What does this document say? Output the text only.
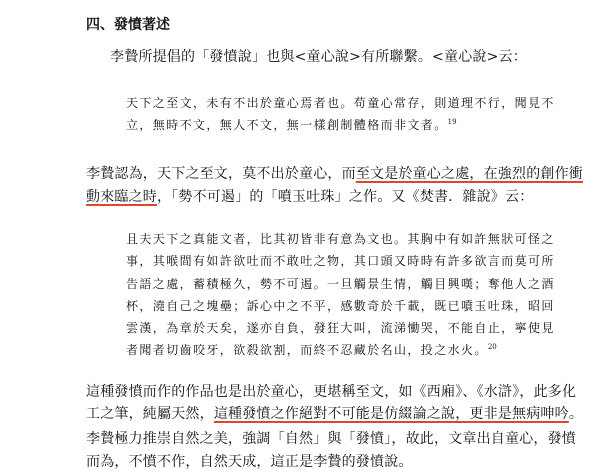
四、發憤著述
李贄所提倡的「發憤說」也與<童心說>有所聯繫。<童心說>云：
天下之至文，未有不出於童心焉者也。苟童心常存，則道理不行，聞見不
立，無時不文，無人不文，無一樣創制體格而非文者。$^{19}$
李贄認為，天下之至文，莫不出於童心，而至文是於童心之處，在強烈的創作衝
動來臨之時，「勢不可遏」的「噴玉吐珠」之作。又《焚書．雜說》云：
且夫天下之真能文者，比其初皆非有意為文也。其胸中有如許無狀可怪之
事，其喉間有如許欲吐而不敢吐之物，其口頭又時時有許多欲言而莫可所
告語之處，蓄積極久，勢不可遏。一旦觸景生情，觸目興嘆；奪他人之酒
杯，澆自己之塊壘；訴心中之不平，感數奇於千載，既已噴玉吐珠，昭回
雲漢，為章於天矣，遂亦自負，發狂大叫，流涕慟哭，不能自止，寧使見
者聞者切齒咬牙，欲殺欲割，而終不忍藏於名山，投之水火。$^{20}$
這種發憤而作的作品也是出於童心，更堪稱至文，如《西廂》、《水滸》，此多化
工之筆，純屬天然，這種發憤之作絕對不可能是仿綴論之說，更非是無病呻吟。
李贄極力推崇自然之美，強調「自然」與「發憤」，故此，文章出自童心，發憤
而為，不憤不作，自然天成，這正是李贄的發憤說。
